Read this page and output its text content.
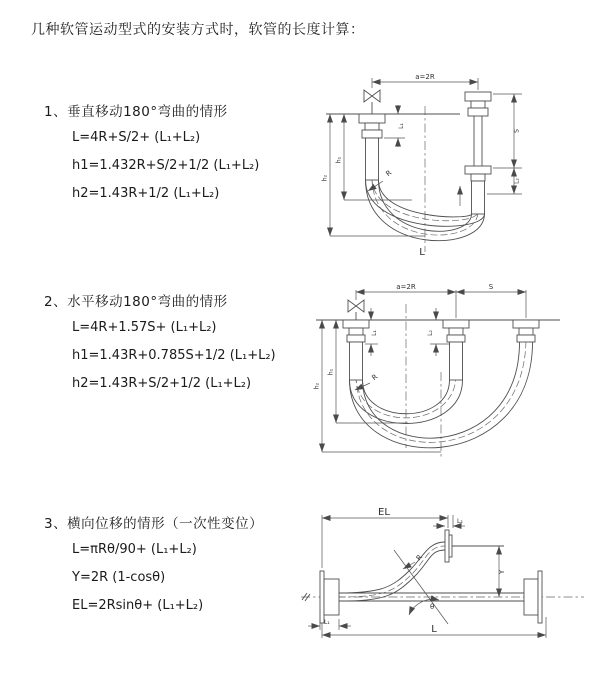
几种软管运动型式的安装方式时，软管的长度计算：
1、垂直移动180°弯曲的情形
L=4R+S/2+ (L₁+L₂)
h1=1.432R+S/2+1/2 (L₁+L₂)
h2=1.43R+1/2 (L₁+L₂)
a=2R
h₁
h₂
L₁
S
L₂
R
L
2、水平移动180°弯曲的情形
L=4R+1.57S+ (L₁+L₂)
h1=1.43R+0.785S+1/2 (L₁+L₂)
h2=1.43R+S/2+1/2 (L₁+L₂)
a=2R	S
h₁
h₂
L₁	L₂
R
3、横向位移的情形（一次性变位）
L=πRθ/90+ (L₁+L₂)
Y=2R (1-cosθ)
EL=2Rsinθ+ (L₁+L₂)
EL
L₂
Y
θ
R
L₁
L
